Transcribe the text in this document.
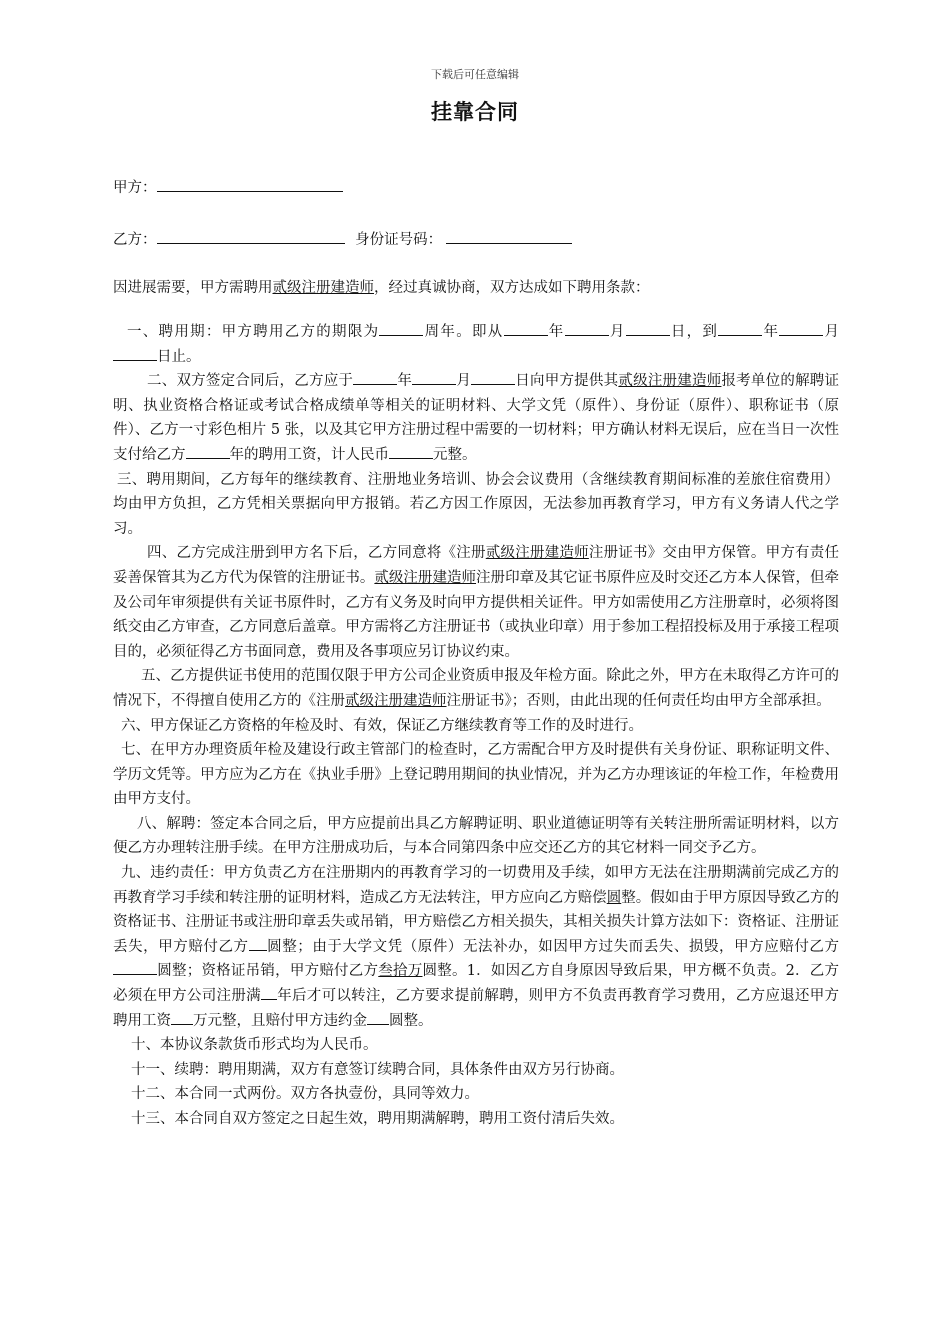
下载后可任意编辑
挂靠合同
甲方：
乙方：	身份证号码：
因进展需要，甲方需聘用贰级注册建造师，经过真诚协商，双方达成如下聘用条款：

一、聘用期：甲方聘用乙方的期限为	周年。即从	年	月	日，到	年	月日止。

二、双方签定合同后，乙方应于	年	月	日向甲方提供其贰级注册建造师报考单位的解聘证明、执业资格合格证或考试合格成绩单等相关的证明材料、大学文凭（原件）、身份证（原件）、职称证书（原件）、乙方一寸彩色相片 5 张，以及其它甲方注册过程中需要的一切材料；甲方确认材料无误后，应在当日一次性支付给乙方	年的聘用工资，计人民币	元整。

三、聘用期间，乙方每年的继续教育、注册地业务培训、协会会议费用（含继续教育期间标准的差旅住宿费用）均由甲方负担，乙方凭相关票据向甲方报销。若乙方因工作原因，无法参加再教育学习，甲方有义务请人代之学习。

四、乙方完成注册到甲方名下后，乙方同意将《注册贰级注册建造师注册证书》交由甲方保管。甲方有责任妥善保管其为乙方代为保管的注册证书。贰级注册建造师注册印章及其它证书原件应及时交还乙方本人保管，但牵及公司年审须提供有关证书原件时，乙方有义务及时向甲方提供相关证件。甲方如需使用乙方注册章时，必须将图纸交由乙方审查，乙方同意后盖章。甲方需将乙方注册证书（或执业印章）用于参加工程招投标及用于承接工程项目的，必须征得乙方书面同意，费用及各事项应另订协议约束。

五、乙方提供证书使用的范围仅限于甲方公司企业资质申报及年检方面。除此之外，甲方在未取得乙方许可的情况下，不得擅自使用乙方的《注册贰级注册建造师注册证书》；否则，由此出现的任何责任均由甲方全部承担。

六、甲方保证乙方资格的年检及时、有效，保证乙方继续教育等工作的及时进行。

七、在甲方办理资质年检及建设行政主管部门的检查时，乙方需配合甲方及时提供有关身份证、职称证明文件、学历文凭等。甲方应为乙方在《执业手册》上登记聘用期间的执业情况，并为乙方办理该证的年检工作，年检费用由甲方支付。

八、解聘：签定本合同之后，甲方应提前出具乙方解聘证明、职业道德证明等有关转注册所需证明材料，以方便乙方办理转注册手续。在甲方注册成功后，与本合同第四条中应交还乙方的其它材料一同交予乙方。

九、违约责任：甲方负责乙方在注册期内的再教育学习的一切费用及手续，如甲方无法在注册期满前完成乙方的再教育学习手续和转注册的证明材料，造成乙方无法转注，甲方应向乙方赔偿圆整。假如由于甲方原因导致乙方的资格证书、注册证书或注册印章丢失或吊销，甲方赔偿乙方相关损失，其相关损失计算方法如下：资格证、注册证丢失，甲方赔付乙方 圆整；由于大学文凭（原件）无法补办，如因甲方过失而丢失、损毁，甲方应赔付乙方圆整；资格证吊销，甲方赔付乙方叁拾万圆整。1．如因乙方自身原因导致后果，甲方概不负责。2．乙方必须在甲方公司注册满 年后才可以转注，乙方要求提前解聘，则甲方不负责再教育学习费用，乙方应退还甲方聘用工资 万元整，且赔付甲方违约金 圆整。

十、本协议条款货币形式均为人民币。

十一、续聘：聘用期满，双方有意签订续聘合同，具体条件由双方另行协商。

十二、本合同一式两份。双方各执壹份，具同等效力。

十三、本合同自双方签定之日起生效，聘用期满解聘，聘用工资付清后失效。
